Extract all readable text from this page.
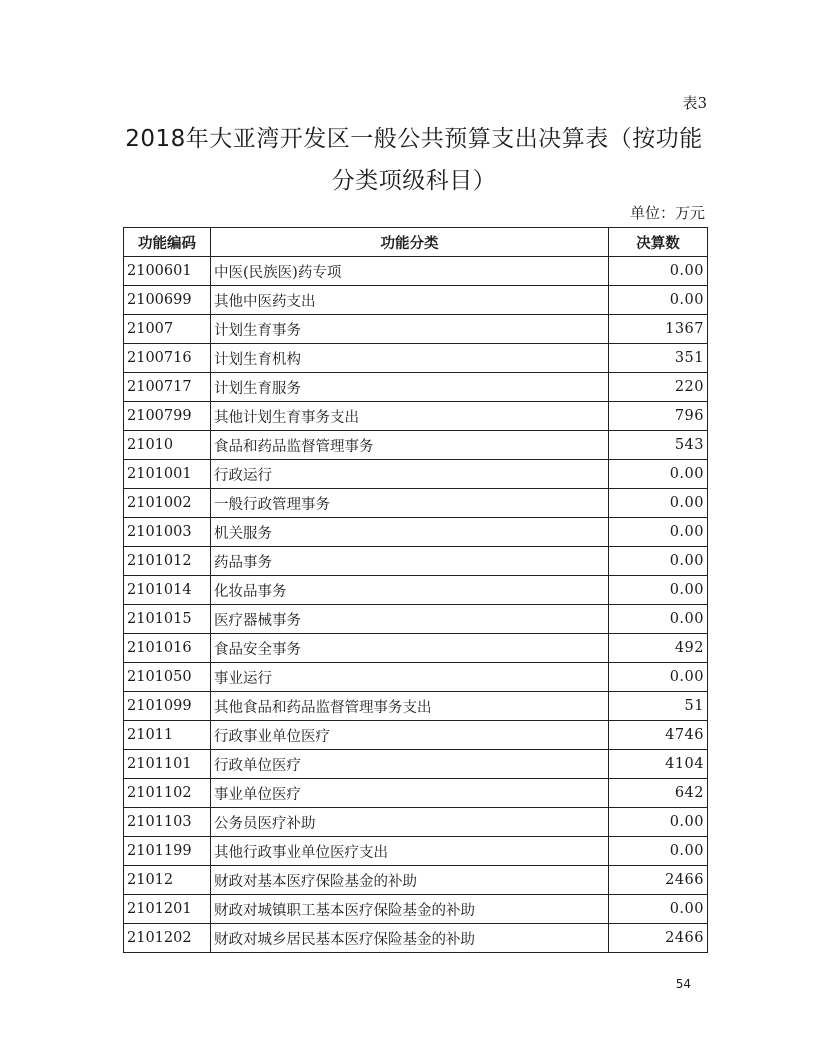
表3
2018年大亚湾开发区一般公共预算支出决算表（按功能分类项级科目）
单位：万元
功能编码	功能分类	决算数
2100601	中医(民族医)药专项	0.00
2100699	其他中医药支出	0.00
21007	计划生育事务	1367
2100716	计划生育机构	351
2100717	计划生育服务	220
2100799	其他计划生育事务支出	796
21010	食品和药品监督管理事务	543
2101001	行政运行	0.00
2101002	一般行政管理事务	0.00
2101003	机关服务	0.00
2101012	药品事务	0.00
2101014	化妆品事务	0.00
2101015	医疗器械事务	0.00
2101016	食品安全事务	492
2101050	事业运行	0.00
2101099	其他食品和药品监督管理事务支出	51
21011	行政事业单位医疗	4746
2101101	行政单位医疗	4104
2101102	事业单位医疗	642
2101103	公务员医疗补助	0.00
2101199	其他行政事业单位医疗支出	0.00
21012	财政对基本医疗保险基金的补助	2466
2101201	财政对城镇职工基本医疗保险基金的补助	0.00
2101202	财政对城乡居民基本医疗保险基金的补助	2466
54
